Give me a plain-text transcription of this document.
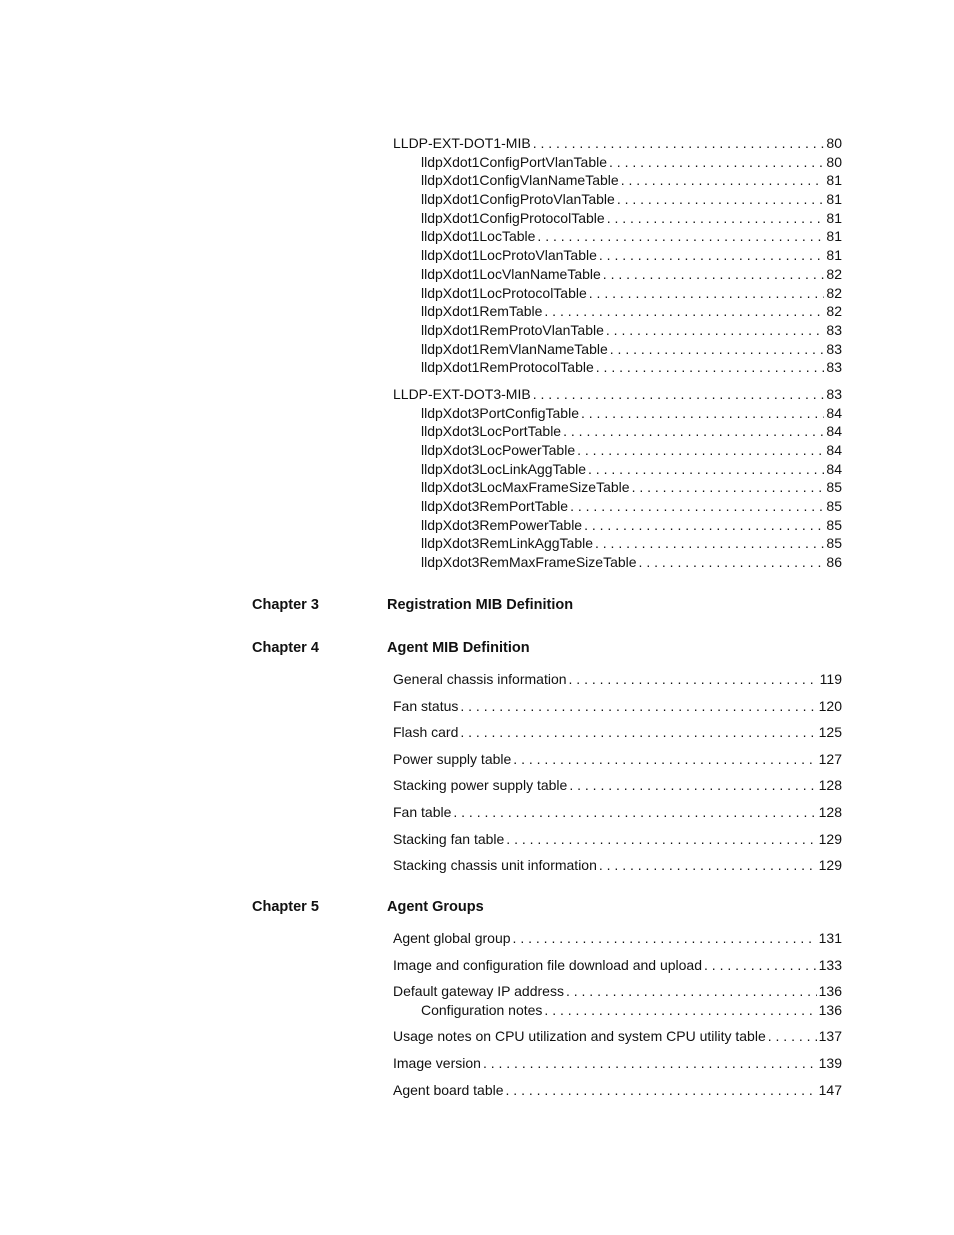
LLDP-EXT-DOT1-MIB . . .	80
lldpXdot1ConfigPortVlanTable . . .	80
lldpXdot1ConfigVlanNameTable . . .	81
lldpXdot1ConfigProtoVlanTable . . .	81
lldpXdot1ConfigProtocolTable . . .	81
lldpXdot1LocTable . . .	81
lldpXdot1LocProtoVlanTable . . .	81
lldpXdot1LocVlanNameTable . . .	82
lldpXdot1LocProtocolTable . . .	82
lldpXdot1RemTable . . .	82
lldpXdot1RemProtoVlanTable . . .	83
lldpXdot1RemVlanNameTable . . .	83
lldpXdot1RemProtocolTable . . .	83
LLDP-EXT-DOT3-MIB . . .	83
lldpXdot3PortConfigTable . . .	84
lldpXdot3LocPortTable . . .	84
lldpXdot3LocPowerTable . . .	84
lldpXdot3LocLinkAggTable . . .	84
lldpXdot3LocMaxFrameSizeTable . . .	85
lldpXdot3RemPortTable . . .	85
lldpXdot3RemPowerTable . . .	85
lldpXdot3RemLinkAggTable . . .	85
lldpXdot3RemMaxFrameSizeTable . . .	86
Chapter 3	Registration MIB Definition
Chapter 4	Agent MIB Definition
General chassis information . . .	119
Fan status . . .	120
Flash card . . .	125
Power supply table . . .	127
Stacking power supply table . . .	128
Fan table . . .	128
Stacking fan table . . .	129
Stacking chassis unit information . . .	129
Chapter 5	Agent Groups
Agent global group . . .	131
Image and configuration file download and upload . . .	133
Default gateway IP address . . .	136
Configuration notes . . .	136
Usage notes on CPU utilization and system CPU utility table . . .	137
Image version . . .	139
Agent board table . . .	147
